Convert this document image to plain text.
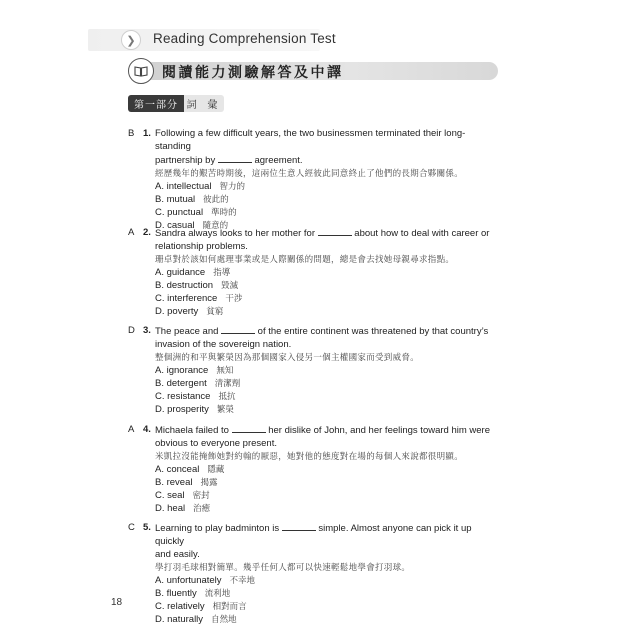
❯	Reading Comprehension Test
閱讀能力測驗解答及中譯
第一部分 詞 彙
B 1. Following a few difficult years, the two businessmen terminated their long-standing
partnership by	agreement.
經歷幾年的艱苦時期後，這兩位生意人經彼此同意終止了他們的長期合夥關係。
A. intellectual 智力的
B. mutual 彼此的
C. punctual 準時的
D. casual 隨意的
A 2. Sandra always looks to her mother for	about how to deal with career or
relationship problems.
珊卓對於該如何處理事業或是人際關係的問題，總是會去找她母親尋求指點。
A. guidance 指導
B. destruction 毀滅
C. interference 干涉
D. poverty 貧窮
D 3. The peace and	of the entire continent was threatened by that country’s
invasion of the sovereign nation.
整個洲的和平與繁榮因為那個國家入侵另一個主權國家而受到威脅。
A. ignorance 無知
B. detergent 清潔劑
C. resistance 抵抗
D. prosperity 繁榮
A 4. Michaela failed to	her dislike of John, and her feelings toward him were
obvious to everyone present.
米凱拉沒能掩飾她對約翰的厭惡，她對他的態度對在場的每個人來說都很明顯。
A. conceal 隱藏
B. reveal 揭露
C. seal 密封
D. heal 治癒
C 5. Learning to play badminton is	simple. Almost anyone can pick it up quickly
and easily.
學打羽毛球相對簡單。幾乎任何人都可以快速輕鬆地學會打羽球。
A. unfortunately 不幸地
B. fluently 流利地
C. relatively 相對而言
D. naturally 自然地
18
